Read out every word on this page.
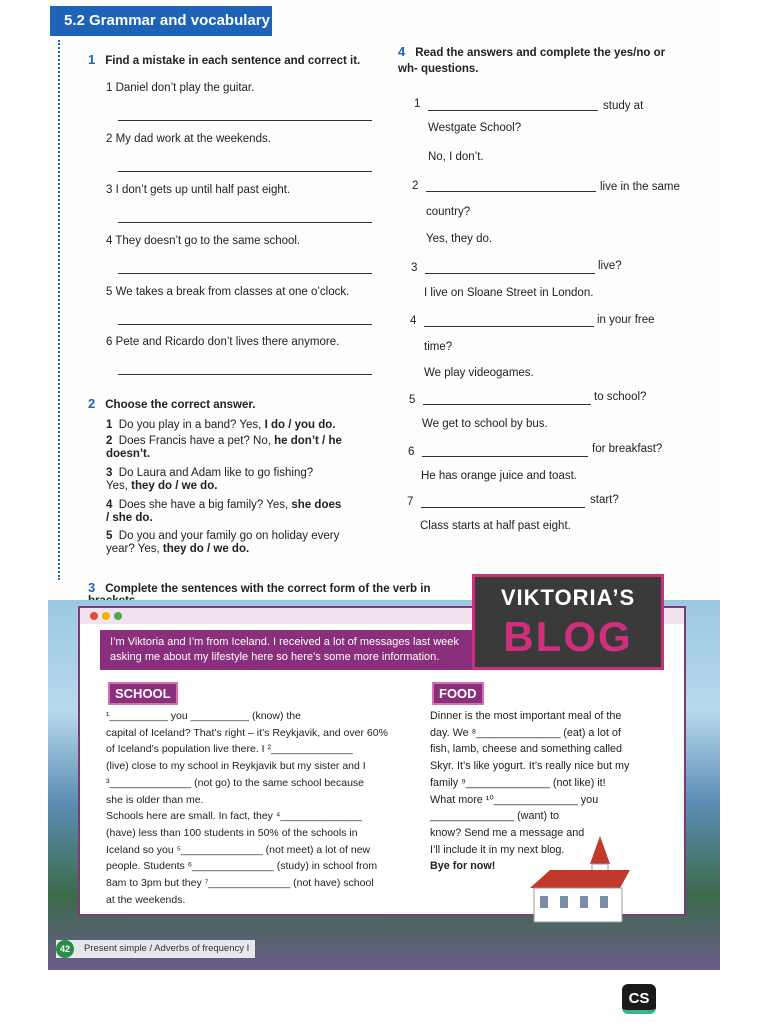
5.2 Grammar and vocabulary
1 Find a mistake in each sentence and correct it.
1 Daniel don’t play the guitar.
2 My dad work at the weekends.
3 I don’t gets up until half past eight.
4 They doesn’t go to the same school.
5 We takes a break from classes at one o’clock.
6 Pete and Ricardo don’t lives there anymore.
2 Choose the correct answer.
1 Do you play in a band? Yes, I do / you do.
2 Does Francis have a pet? No, he don’t / he doesn’t.
3 Do Laura and Adam like to go fishing? Yes, they do / we do.
4 Does she have a big family? Yes, she does / she do.
5 Do you and your family go on holiday every year? Yes, they do / we do.
4 Read the answers and complete the yes/no or wh- questions.
1	study at
Westgate School?
No, I don’t.
2	live in the same
country?
Yes, they do.
3	live?
I live on Sloane Street in London.
4	in your free
time?
We play videogames.
5	to school?
We get to school by bus.
6	for breakfast?
He has orange juice and toast.
7	start?
Class starts at half past eight.
3 Complete the sentences with the correct form of the verb in
I’m Viktoria and I’m from Iceland. I received a lot of messages last week asking me about my lifestyle here so here’s some more information.
VIKTORIA’S
BLOG
SCHOOL	FOOD
¹__________ you __________ (know) the
capital of Iceland? That’s right – it’s Reykjavik, and over 60%
of Iceland’s population live there. I ²______________
(live) close to my school in Reykjavik but my sister and I
³______________ (not go) to the same school because
she is older than me.
Schools here are small. In fact, they ⁴______________
(have) less than 100 students in 50% of the schools in
Iceland so you ⁵______________ (not meet) a lot of new
people. Students ⁶______________ (study) in school from
8am to 3pm but they ⁷______________ (not have) school
at the weekends.
Dinner is the most important meal of the
day. We ⁸______________ (eat) a lot of
fish, lamb, cheese and something called
Skyr. It’s like yogurt. It’s really nice but my
family ⁹______________ (not like) it!
What more ¹⁰______________ you
______________ (want) to
know? Send me a message and
I’ll include it in my next blog.
Bye for now!
Present simple / Adverbs of frequency I
42
CS
